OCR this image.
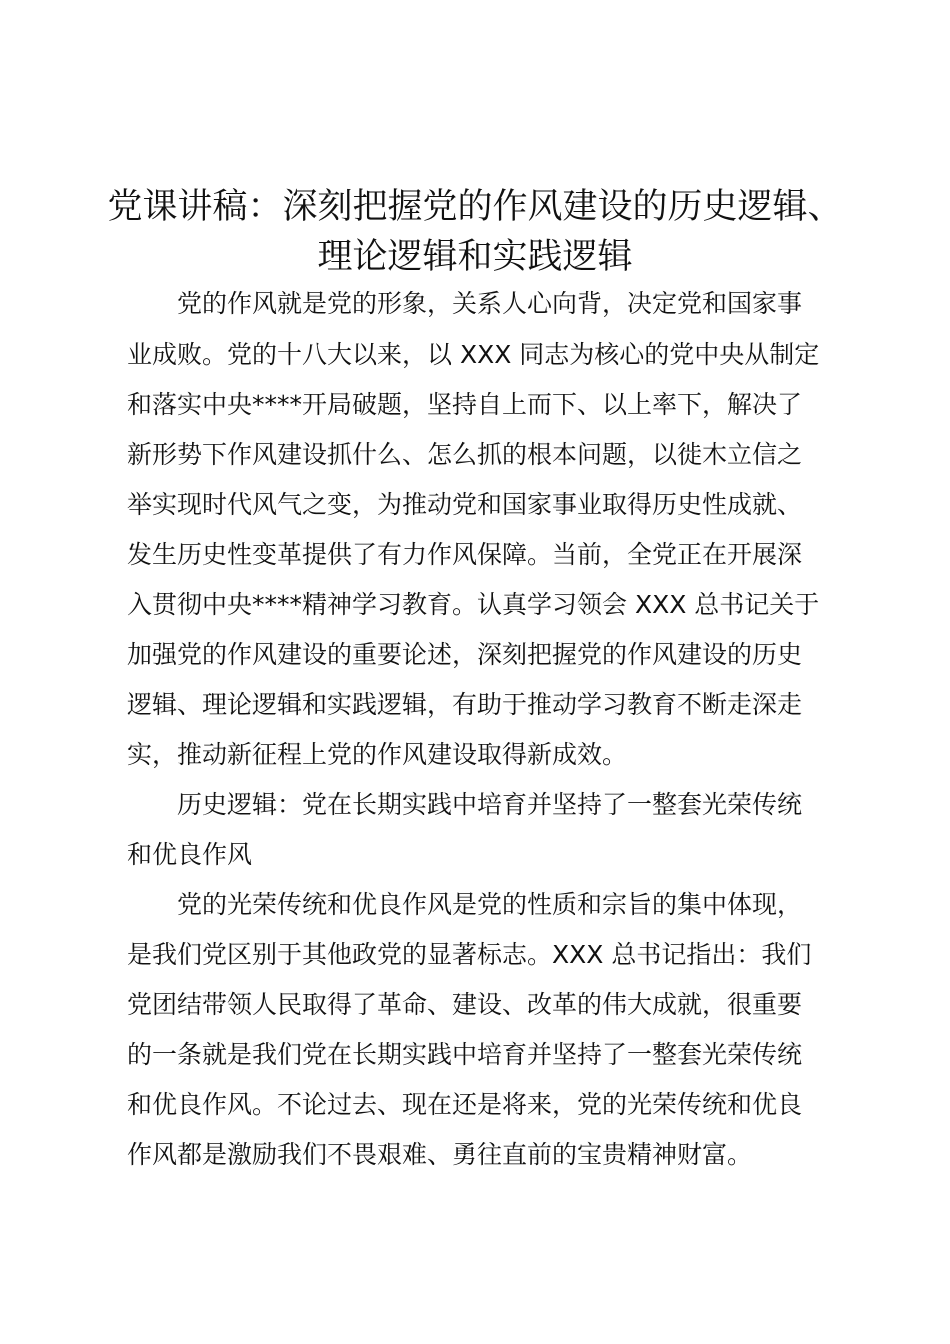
党课讲稿：深刻把握党的作风建设的历史逻辑、
理论逻辑和实践逻辑
党的作风就是党的形象，关系人心向背，决定党和国家事
业成败。党的十八大以来，以 XXX 同志为核心的党中央从制定
和落实中央****开局破题，坚持自上而下、以上率下，解决了
新形势下作风建设抓什么、怎么抓的根本问题，以徙木立信之
举实现时代风气之变，为推动党和国家事业取得历史性成就、
发生历史性变革提供了有力作风保障。当前，全党正在开展深
入贯彻中央****精神学习教育。认真学习领会 XXX 总书记关于
加强党的作风建设的重要论述，深刻把握党的作风建设的历史
逻辑、理论逻辑和实践逻辑，有助于推动学习教育不断走深走
实，推动新征程上党的作风建设取得新成效。
历史逻辑：党在长期实践中培育并坚持了一整套光荣传统
和优良作风
党的光荣传统和优良作风是党的性质和宗旨的集中体现，
是我们党区别于其他政党的显著标志。XXX 总书记指出：我们
党团结带领人民取得了革命、建设、改革的伟大成就，很重要
的一条就是我们党在长期实践中培育并坚持了一整套光荣传统
和优良作风。不论过去、现在还是将来，党的光荣传统和优良
作风都是激励我们不畏艰难、勇往直前的宝贵精神财富。
